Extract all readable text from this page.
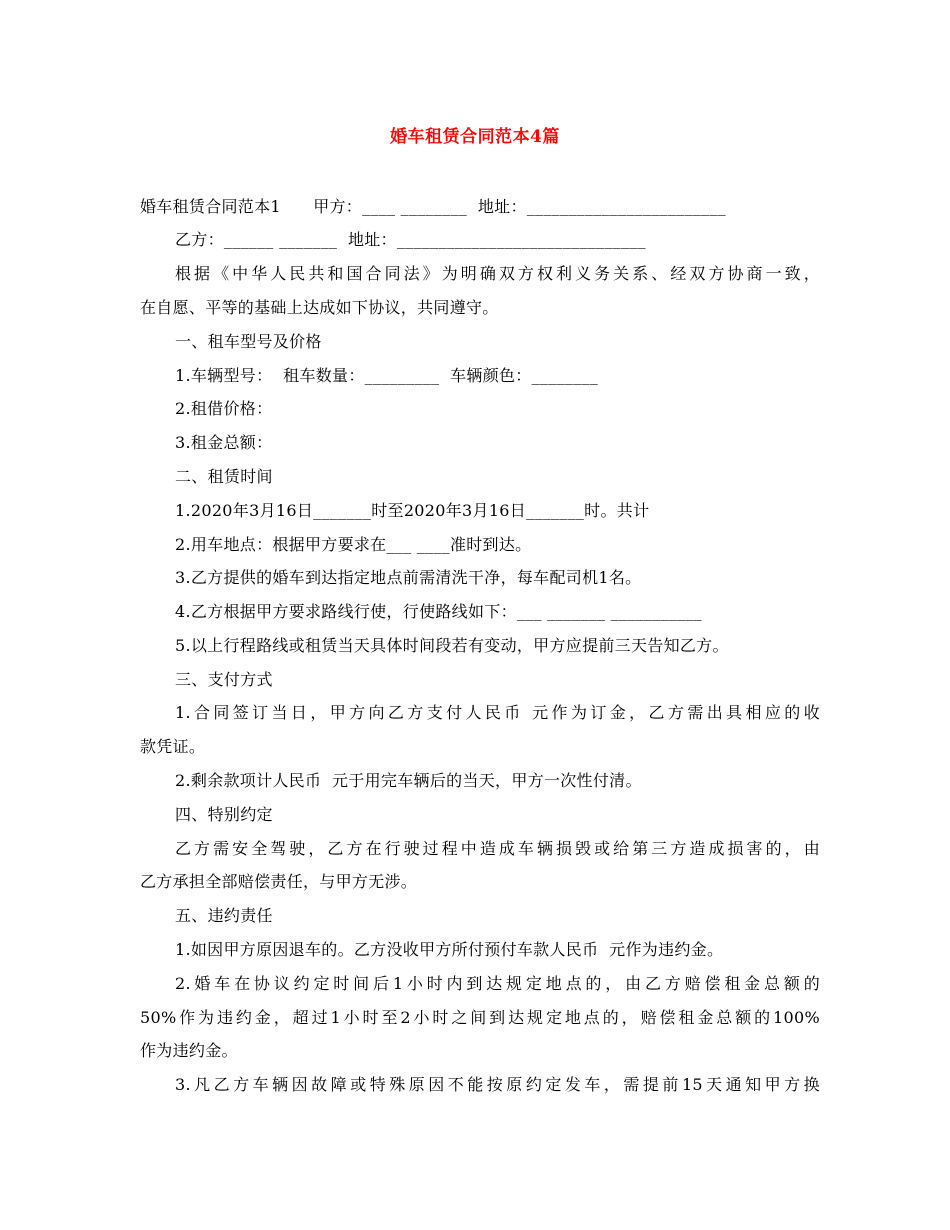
婚车租赁合同范本4篇
婚车租赁合同范本1      甲方：____ ________  地址：________________________
乙方：______ _______  地址：______________________________
根据《中华人民共和国合同法》为明确双方权利义务关系、经双方协商一致，
在自愿、平等的基础上达成如下协议，共同遵守。
一、租车型号及价格
1.车辆型号：  租车数量：_________  车辆颜色：________
2.租借价格：
3.租金总额：
二、租赁时间
1.2020年3月16日_______时至2020年3月16日_______时。共计
2.用车地点：根据甲方要求在___ ____准时到达。
3.乙方提供的婚车到达指定地点前需清洗干净，每车配司机1名。
4.乙方根据甲方要求路线行使，行使路线如下：___ _______ ___________
5.以上行程路线或租赁当天具体时间段若有变动，甲方应提前三天告知乙方。
三、支付方式
1.合同签订当日，甲方向乙方支付人民币 元作为订金，乙方需出具相应的收
款凭证。
2.剩余款项计人民币  元于用完车辆后的当天，甲方一次性付清。
四、特别约定
乙方需安全驾驶，乙方在行驶过程中造成车辆损毁或给第三方造成损害的，由
乙方承担全部赔偿责任，与甲方无涉。
五、违约责任
1.如因甲方原因退车的。乙方没收甲方所付预付车款人民币  元作为违约金。
2.婚车在协议约定时间后1小时内到达规定地点的，由乙方赔偿租金总额的
50%作为违约金，超过1小时至2小时之间到达规定地点的，赔偿租金总额的100%
作为违约金。
3.凡乙方车辆因故障或特殊原因不能按原约定发车，需提前15天通知甲方换
